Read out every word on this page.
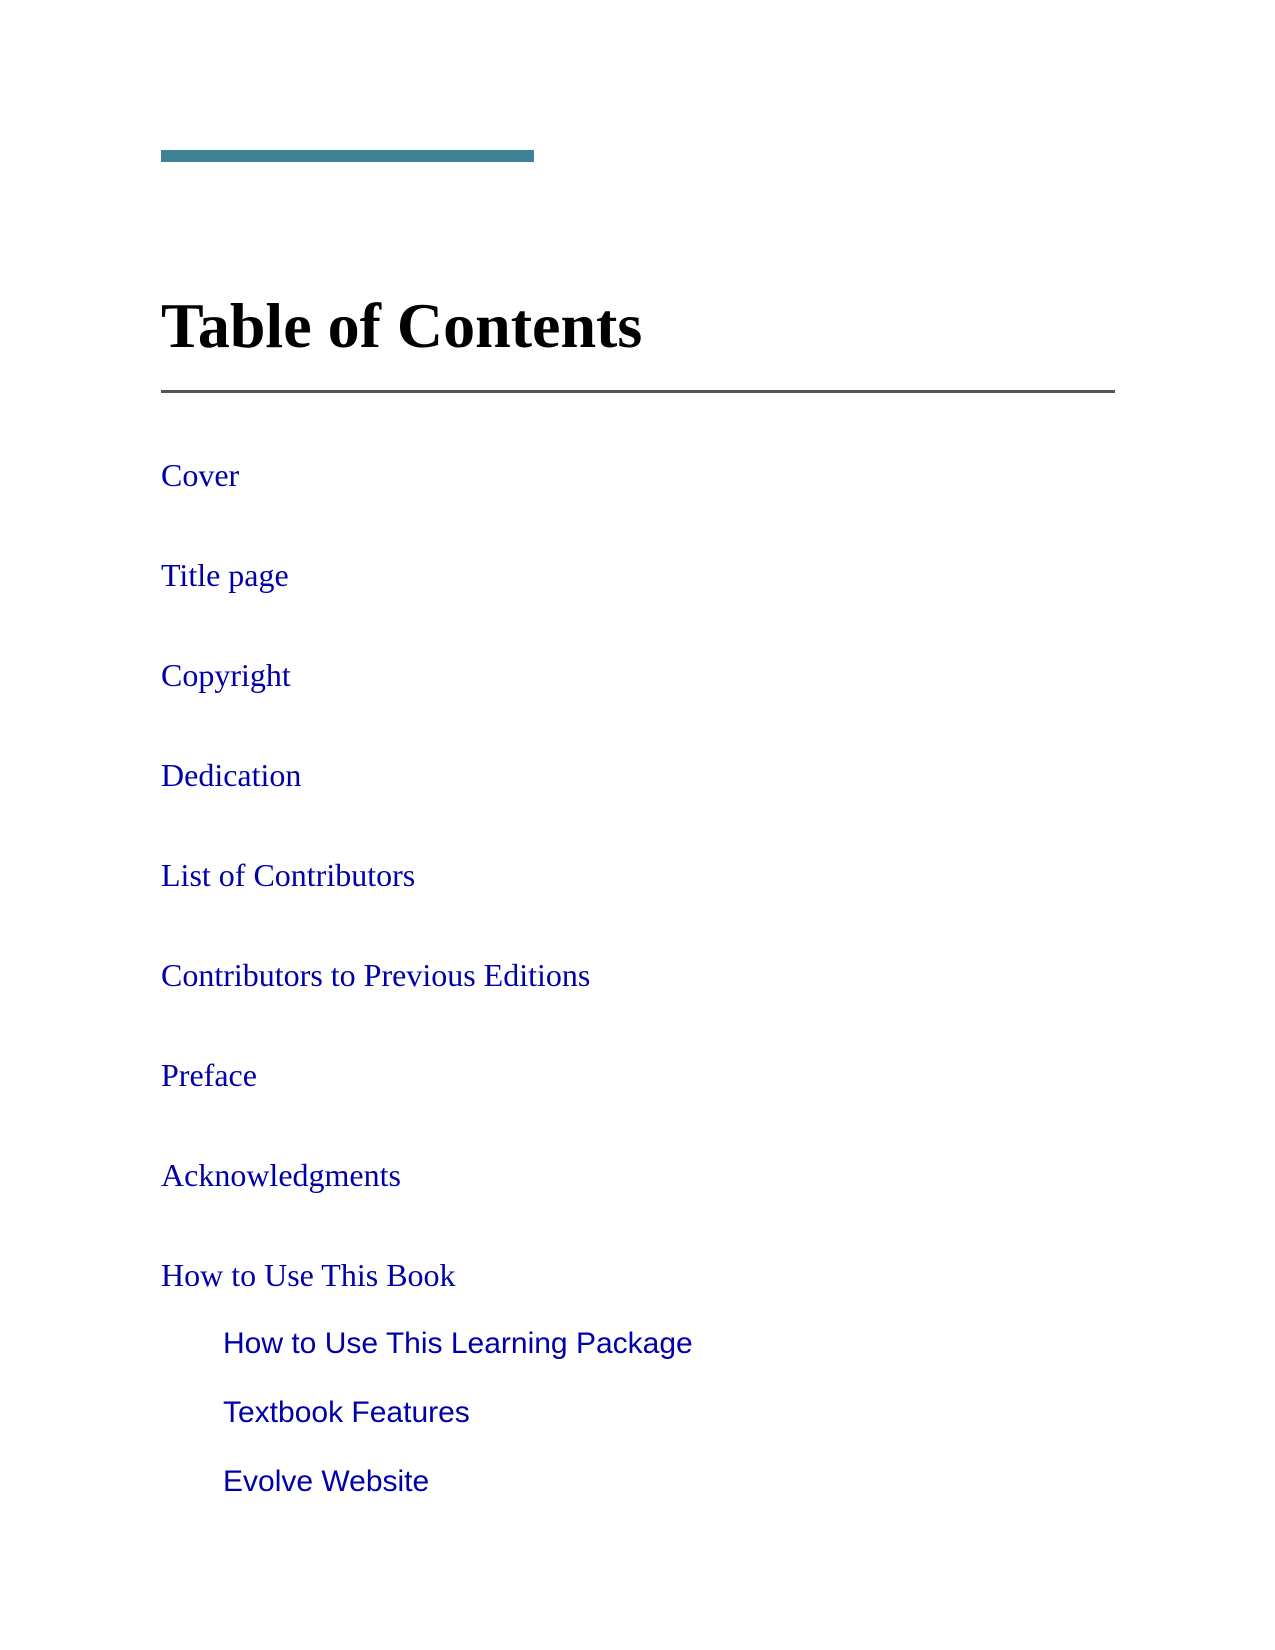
Table of Contents
Cover
Title page
Copyright
Dedication
List of Contributors
Contributors to Previous Editions
Preface
Acknowledgments
How to Use This Book
How to Use This Learning Package
Textbook Features
Evolve Website
